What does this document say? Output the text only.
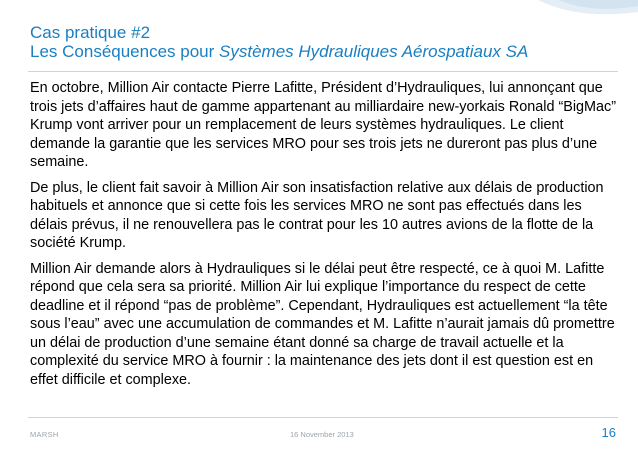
Cas pratique #2
Les Conséquences pour Systèmes Hydrauliques Aérospatiaux SA

En octobre, Million Air contacte Pierre Lafitte, Président d’Hydrauliques, lui annonçant que trois jets d’affaires haut de gamme appartenant au milliardaire new-yorkais Ronald “BigMac” Krump vont arriver pour un remplacement de leurs systèmes hydrauliques. Le client demande la garantie que les services MRO pour ses trois jets ne dureront pas plus d’une semaine.

De plus, le client fait savoir à Million Air son insatisfaction relative aux délais de production habituels et annonce que si cette fois les services MRO ne sont pas effectués dans les délais prévus, il ne renouvellera pas le contrat pour les 10 autres avions de la flotte de la société Krump.

Million Air demande alors à Hydrauliques si le délai peut être respecté, ce à quoi M. Lafitte répond que cela sera sa priorité. Million Air lui explique l’importance du respect de cette deadline et il répond “pas de problème”. Cependant, Hydrauliques est actuellement “la tête sous l’eau” avec une accumulation de commandes et M. Lafitte n’aurait jamais dû promettre un délai de production d’une semaine étant donné sa charge de travail actuelle et la complexité du service MRO à fournir : la maintenance des jets dont il est question est en effet difficile et complexe.

MARSH	16 November 2013	16
